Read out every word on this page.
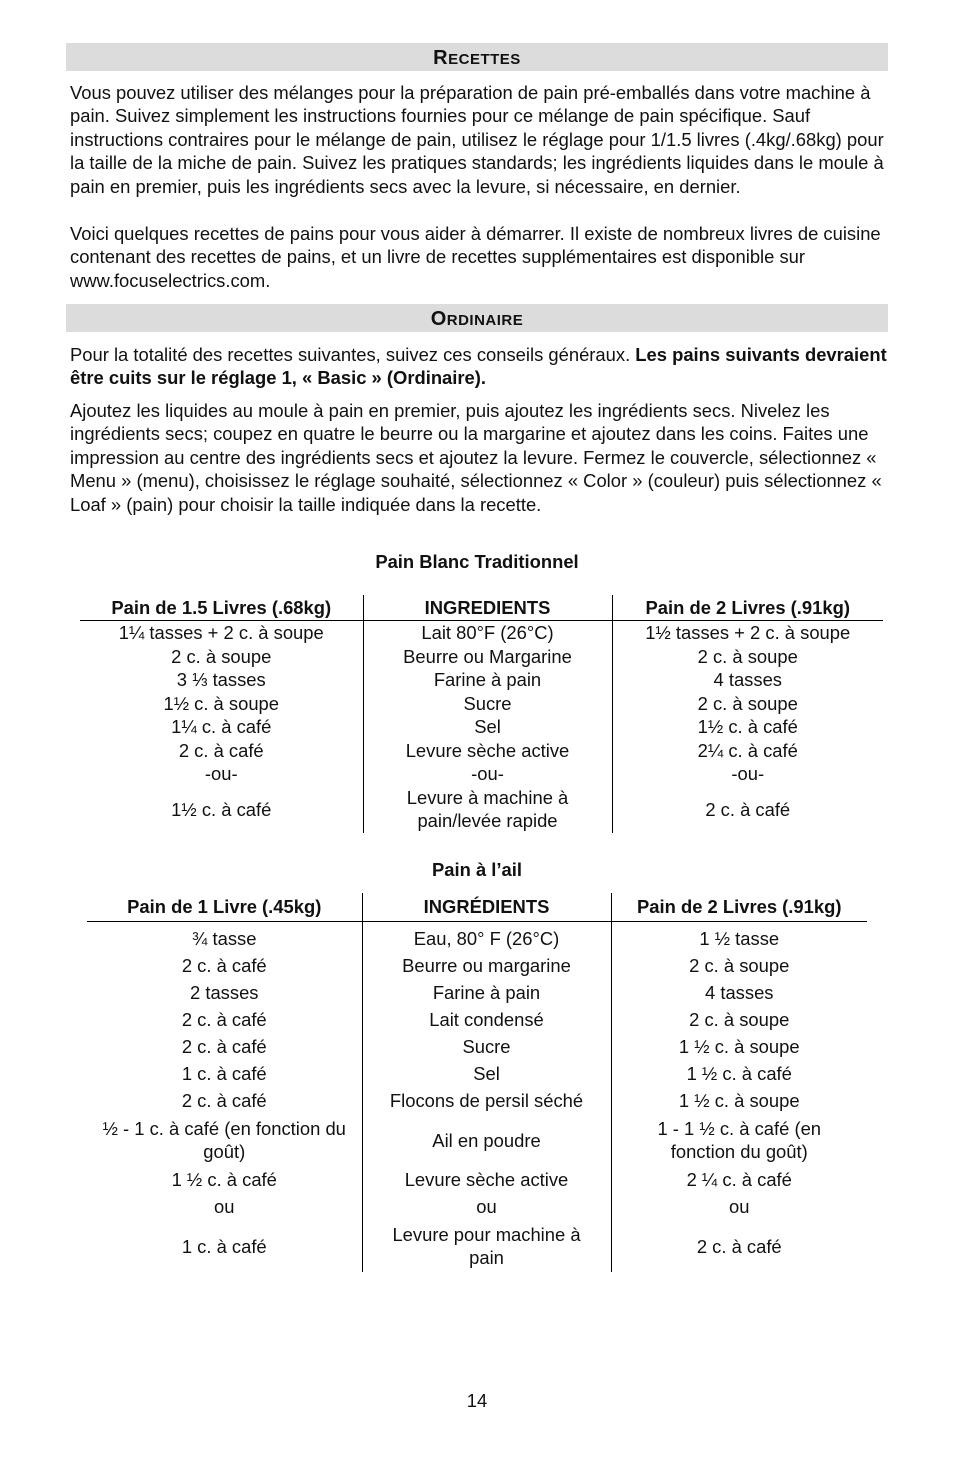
RECETTES

Vous pouvez utiliser des mélanges pour la préparation de pain pré-emballés dans votre machine à pain. Suivez simplement les instructions fournies pour ce mélange de pain spécifique. Sauf instructions contraires pour le mélange de pain, utilisez le réglage pour 1/1.5 livres (.4kg/.68kg) pour la taille de la miche de pain. Suivez les pratiques standards; les ingrédients liquides dans le moule à pain en premier, puis les ingrédients secs avec la levure, si nécessaire, en dernier.

Voici quelques recettes de pains pour vous aider à démarrer. Il existe de nombreux livres de cuisine contenant des recettes de pains, et un livre de recettes supplémentaires est disponible sur www.focuselectrics.com.

ORDINAIRE

Pour la totalité des recettes suivantes, suivez ces conseils généraux. Les pains suivants devraient être cuits sur le réglage 1, « Basic » (Ordinaire).

Ajoutez les liquides au moule à pain en premier, puis ajoutez les ingrédients secs. Nivelez les ingrédients secs; coupez en quatre le beurre ou la margarine et ajoutez dans les coins. Faites une impression au centre des ingrédients secs et ajoutez la levure. Fermez le couvercle, sélectionnez « Menu » (menu), choisissez le réglage souhaité, sélectionnez « Color » (couleur) puis sélectionnez « Loaf » (pain) pour choisir la taille indiquée dans la recette.

Pain Blanc Traditionnel

Pain de 1.5 Livres (.68kg)	INGREDIENTS	Pain de 2 Livres (.91kg)
1¼ tasses + 2 c. à soupe	Lait 80°F (26°C)	1½ tasses + 2 c. à soupe
2 c. à soupe	Beurre ou Margarine	2 c. à soupe
3 ⅓ tasses	Farine à pain	4 tasses
1½ c. à soupe	Sucre	2 c. à soupe
1¼ c. à café	Sel	1½ c. à café
2 c. à café	Levure sèche active	2¼ c. à café
-ou-	-ou-	-ou-
1½ c. à café	Levure à machine à pain/levée rapide	2 c. à café

Pain à l’ail

Pain de 1 Livre (.45kg)	INGRÉDIENTS	Pain de 2 Livres (.91kg)
¾ tasse	Eau, 80° F (26°C)	1 ½ tasse
2 c. à café	Beurre ou margarine	2 c. à soupe
2 tasses	Farine à pain	4 tasses
2 c. à café	Lait condensé	2 c. à soupe
2 c. à café	Sucre	1 ½ c. à soupe
1 c. à café	Sel	1 ½ c. à café
2 c. à café	Flocons de persil séché	1 ½ c. à soupe
½ - 1 c. à café (en fonction du goût)	Ail en poudre	1 - 1 ½ c. à café (en fonction du goût)
1 ½ c. à café	Levure sèche active	2 ¼ c. à café
ou	ou	ou
1 c. à café	Levure pour machine à pain	2 c. à café
14
